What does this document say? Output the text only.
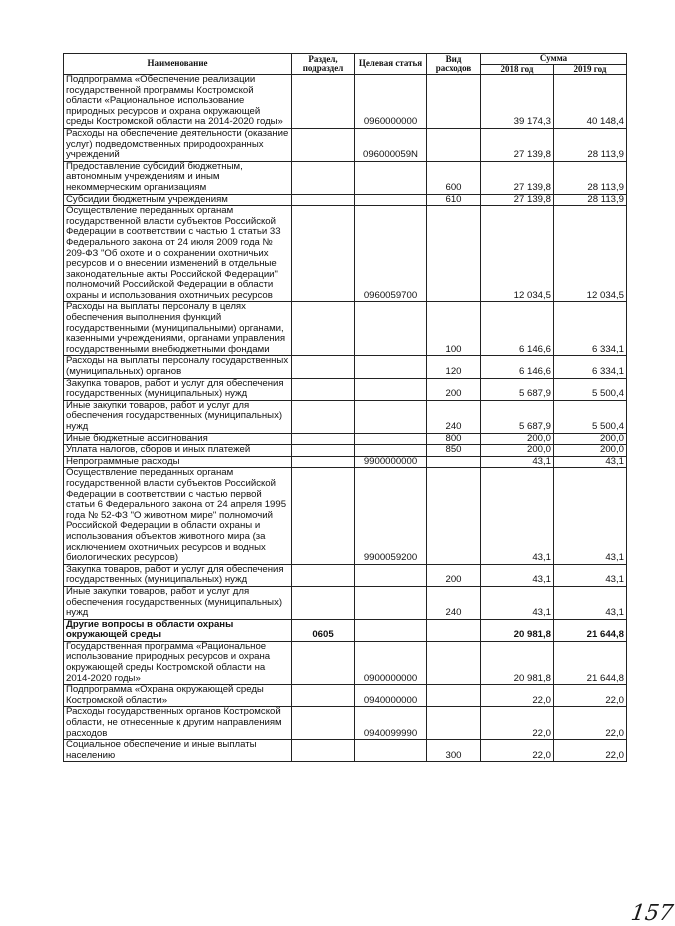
Наименование	Раздел, подраздел	Целевая статья	Вид расходов	Сумма	
				2018 год	2019 год
Подпрограмма «Обеспечение реализации государственной программы Костромской области «Рациональное использование природных ресурсов и охрана окружающей среды Костромской области на 2014-2020 годы»		0960000000		39 174,3	40 148,4
Расходы на обеспечение деятельности (оказание услуг) подведомственных природоохранных учреждений		096000059N		27 139,8	28 113,9
Предоставление субсидий бюджетным, автономным учреждениям и иным некоммерческим организациям			600	27 139,8	28 113,9
Субсидии бюджетным учреждениям			610	27 139,8	28 113,9
Осуществление переданных органам государственной власти субъектов Российской Федерации в соответствии с частью 1 статьи 33 Федерального закона от 24 июля 2009 года № 209-ФЗ "Об охоте и о сохранении охотничьих ресурсов и о внесении изменений в отдельные законодательные акты Российской Федерации" полномочий Российской Федерации в области охраны и использования охотничьих ресурсов		0960059700		12 034,5	12 034,5
Расходы на выплаты персоналу в целях обеспечения выполнения функций государственными (муниципальными) органами, казенными учреждениями, органами управления государственными внебюджетными фондами			100	6 146,6	6 334,1
Расходы на выплаты персоналу государственных (муниципальных) органов			120	6 146,6	6 334,1
Закупка товаров, работ и услуг для обеспечения государственных (муниципальных) нужд			200	5 687,9	5 500,4
Иные закупки товаров, работ и услуг для обеспечения государственных (муниципальных) нужд			240	5 687,9	5 500,4
Иные бюджетные ассигнования			800	200,0	200,0
Уплата налогов, сборов и иных платежей			850	200,0	200,0
Непрограммные расходы		9900000000		43,1	43,1
Осуществление переданных органам государственной власти субъектов Российской Федерации в соответствии с частью первой статьи 6 Федерального закона от 24 апреля 1995 года № 52-ФЗ "О животном мире" полномочий Российской Федерации в области охраны и использования объектов животного мира (за исключением охотничьих ресурсов и водных биологических ресурсов)		9900059200		43,1	43,1
Закупка товаров, работ и услуг для обеспечения государственных (муниципальных) нужд			200	43,1	43,1
Иные закупки товаров, работ и услуг для обеспечения государственных (муниципальных) нужд			240	43,1	43,1
Другие вопросы в области охраны окружающей среды	0605			20 981,8	21 644,8
Государственная программа «Рациональное использование природных ресурсов и охрана окружающей среды Костромской области на 2014-2020 годы»		0900000000		20 981,8	21 644,8
Подпрограмма «Охрана окружающей среды Костромской области»		0940000000		22,0	22,0
Расходы государственных органов Костромской области, не отнесенные к другим направлениям расходов		0940099990		22,0	22,0
Социальное обеспечение и иные выплаты населению			300	22,0	22,0
157
